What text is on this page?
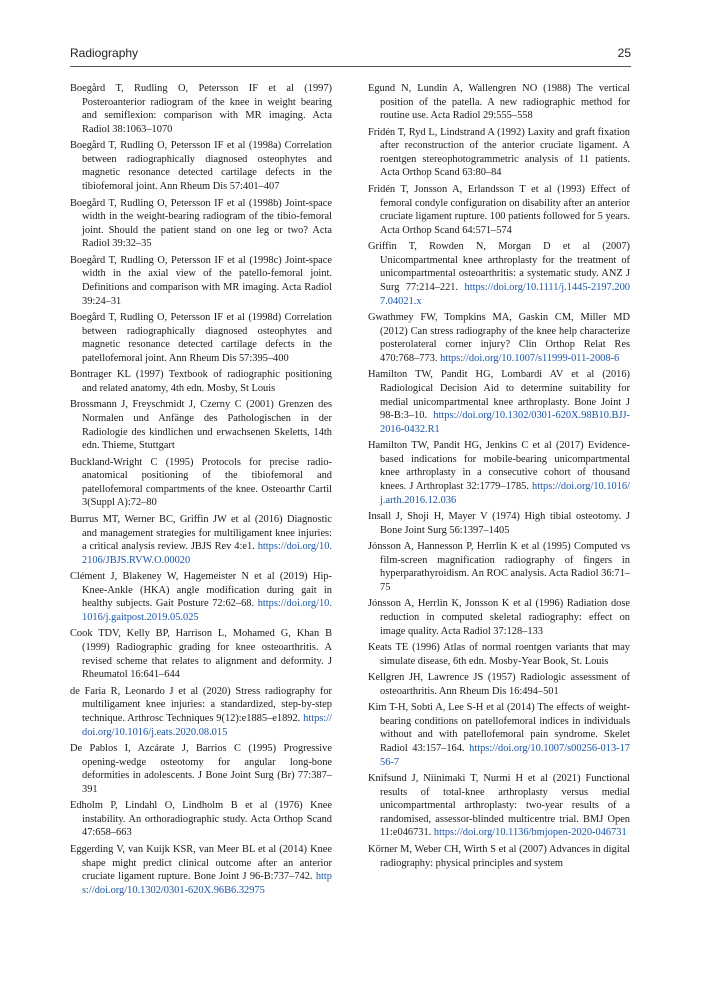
Radiography	25

Boegård T, Rudling O, Petersson IF et al (1997) Posteroanterior radiogram of the knee in weight bearing and semiflexion: comparison with MR imaging. Acta Radiol 38:1063–1070

Boegård T, Rudling O, Petersson IF et al (1998a) Correlation between radiographically diagnosed osteophytes and magnetic resonance detected cartilage defects in the tibiofemoral joint. Ann Rheum Dis 57:401–407

Boegård T, Rudling O, Petersson IF et al (1998b) Joint-space width in the weight-bearing radiogram of the tibio-femoral joint. Should the patient stand on one leg or two? Acta Radiol 39:32–35

Boegård T, Rudling O, Petersson IF et al (1998c) Joint-space width in the axial view of the patello-femoral joint. Definitions and comparison with MR imaging. Acta Radiol 39:24–31

Boegård T, Rudling O, Petersson IF et al (1998d) Correlation between radiographically diagnosed osteophytes and magnetic resonance detected cartilage defects in the patellofemoral joint. Ann Rheum Dis 57:395–400

Bontrager KL (1997) Textbook of radiographic positioning and related anatomy, 4th edn. Mosby, St Louis

Brossmann J, Freyschmidt J, Czerny C (2001) Grenzen des Normalen und Anfänge des Pathologischen in der Radiologie des kindlichen und erwachsenen Skeletts, 14th edn. Thieme, Stuttgart

Buckland-Wright C (1995) Protocols for precise radio-anatomical positioning of the tibiofemoral and patellofemoral compartments of the knee. Osteoarthr Cartil 3(Suppl A):72–80

Burrus MT, Werner BC, Griffin JW et al (2016) Diagnostic and management strategies for multiligament knee injuries: a critical analysis review. JBJS Rev 4:e1. https://doi.org/10.2106/JBJS.RVW.O.00020

Clément J, Blakeney W, Hagemeister N et al (2019) Hip-Knee-Ankle (HKA) angle modification during gait in healthy subjects. Gait Posture 72:62–68. https://doi.org/10.1016/j.gaitpost.2019.05.025

Cook TDV, Kelly BP, Harrison L, Mohamed G, Khan B (1999) Radiographic grading for knee osteoarthritis. A revised scheme that relates to alignment and deformity. J Rheumatol 16:641–644

de Faria R, Leonardo J et al (2020) Stress radiography for multiligament knee injuries: a standardized, step-by-step technique. Arthrosc Techniques 9(12):e1885–e1892. https://doi.org/10.1016/j.eats.2020.08.015

De Pablos I, Azcárate J, Barrios C (1995) Progressive opening-wedge osteotomy for angular long-bone deformities in adolescents. J Bone Joint Surg (Br) 77:387–391

Edholm P, Lindahl O, Lindholm B et al (1976) Knee instability. An orthoradiographic study. Acta Orthop Scand 47:658–663

Eggerding V, van Kuijk KSR, van Meer BL et al (2014) Knee shape might predict clinical outcome after an anterior cruciate ligament rupture. Bone Joint J 96-B:737–742. https://doi.org/10.1302/0301-620X.96B6.32975

Egund N, Lundin A, Wallengren NO (1988) The vertical position of the patella. A new radiographic method for routine use. Acta Radiol 29:555–558

Fridén T, Ryd L, Lindstrand A (1992) Laxity and graft fixation after reconstruction of the anterior cruciate ligament. A roentgen stereophotogrammetric analysis of 11 patients. Acta Orthop Scand 63:80–84

Fridén T, Jonsson A, Erlandsson T et al (1993) Effect of femoral condyle configuration on disability after an anterior cruciate ligament rupture. 100 patients followed for 5 years. Acta Orthop Scand 64:571–574

Griffin T, Rowden N, Morgan D et al (2007) Unicompartmental knee arthroplasty for the treatment of unicompartmental osteoarthritis: a systematic study. ANZ J Surg 77:214–221. https://doi.org/10.1111/j.1445-2197.2007.04021.x

Gwathmey FW, Tompkins MA, Gaskin CM, Miller MD (2012) Can stress radiography of the knee help characterize posterolateral corner injury? Clin Orthop Relat Res 470:768–773. https://doi.org/10.1007/s11999-011-2008-6

Hamilton TW, Pandit HG, Lombardi AV et al (2016) Radiological Decision Aid to determine suitability for medial unicompartmental knee arthroplasty. Bone Joint J 98-B:3–10. https://doi.org/10.1302/0301-620X.98B10.BJJ-2016-0432.R1

Hamilton TW, Pandit HG, Jenkins C et al (2017) Evidence-based indications for mobile-bearing unicompartmental knee arthroplasty in a consecutive cohort of thousand knees. J Arthroplast 32:1779–1785. https://doi.org/10.1016/j.arth.2016.12.036

Insall J, Shoji H, Mayer V (1974) High tibial osteotomy. J Bone Joint Surg 56:1397–1405

Jónsson A, Hannesson P, Herrlin K et al (1995) Computed vs film-screen magnification radiography of fingers in hyperparathyroidism. An ROC analysis. Acta Radiol 36:71–75

Jónsson A, Herrlin K, Jonsson K et al (1996) Radiation dose reduction in computed skeletal radiography: effect on image quality. Acta Radiol 37:128–133

Keats TE (1996) Atlas of normal roentgen variants that may simulate disease, 6th edn. Mosby-Year Book, St. Louis

Kellgren JH, Lawrence JS (1957) Radiologic assessment of osteoarthritis. Ann Rheum Dis 16:494–501

Kim T-H, Sobti A, Lee S-H et al (2014) The effects of weight-bearing conditions on patellofemoral indices in individuals without and with patellofemoral pain syndrome. Skelet Radiol 43:157–164. https://doi.org/10.1007/s00256-013-1756-7

Knifsund J, Niinimaki T, Nurmi H et al (2021) Functional results of total-knee arthroplasty versus medial unicompartmental arthroplasty: two-year results of a randomised, assessor-blinded multicentre trial. BMJ Open 11:e046731. https://doi.org/10.1136/bmjopen-2020-046731

Körner M, Weber CH, Wirth S et al (2007) Advances in digital radiography: physical principles and system
